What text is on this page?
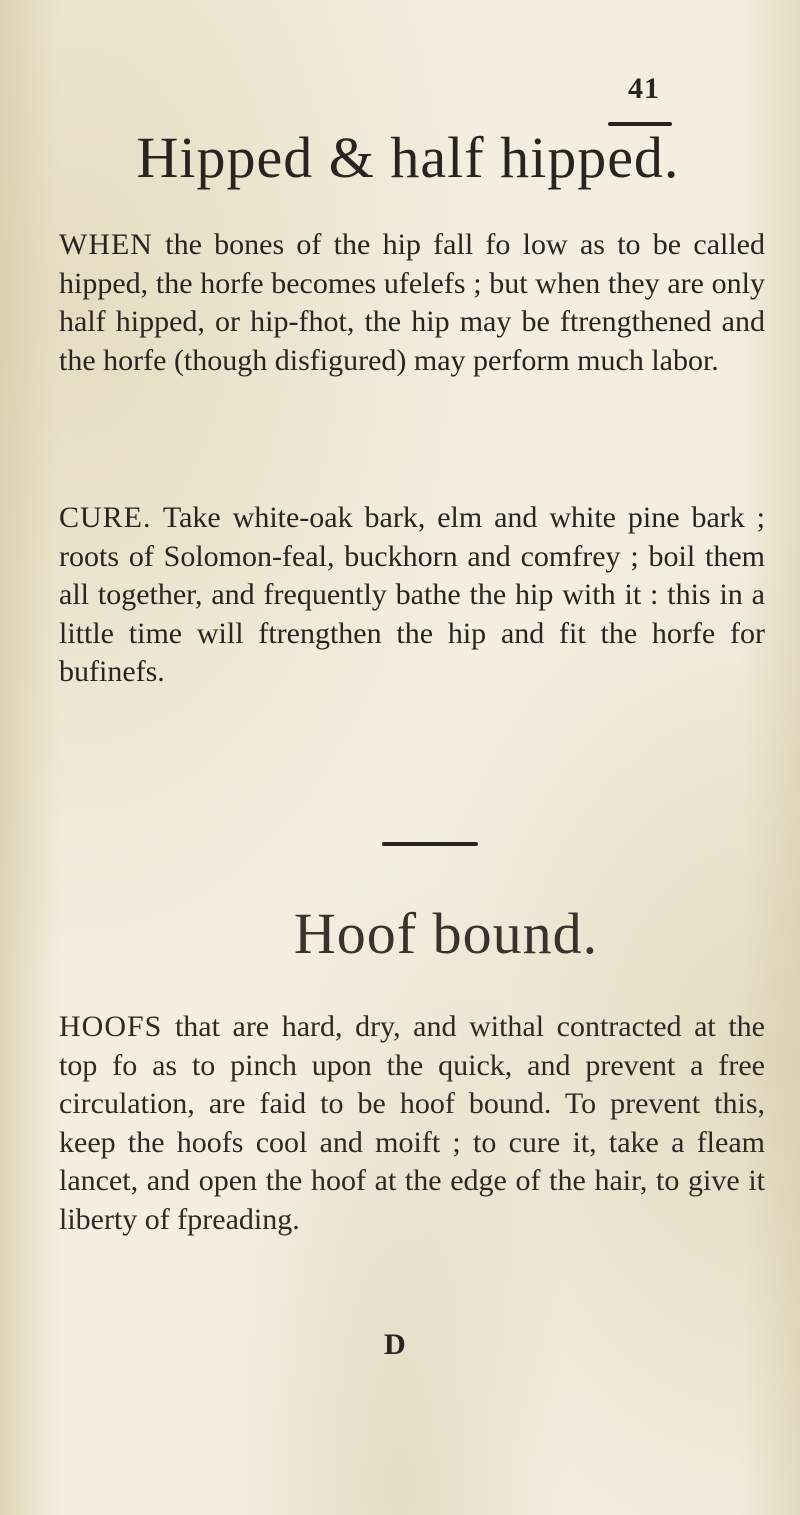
41
Hipped & half hipped.

WHEN the bones of the hip fall fo low as to be called hipped, the horfe becomes ufelefs ; but when they are only half hipped, or hip-fhot, the hip may be ftrengthened and the horfe (though disfigured) may perform much labor.

CURE. Take white-oak bark, elm and white pine bark ; roots of Solomon-feal, buckhorn and comfrey ; boil them all together, and frequently bathe the hip with it : this in a little time will ftrengthen the hip and fit the horfe for bufinefs.

Hoof bound.

HOOFS that are hard, dry, and withal contracted at the top fo as to pinch upon the quick, and prevent a free circulation, are faid to be hoof bound. To prevent this, keep the hoofs cool and moift ; to cure it, take a fleam lancet, and open the hoof at the edge of the hair, to give it liberty of fpreading.

D
